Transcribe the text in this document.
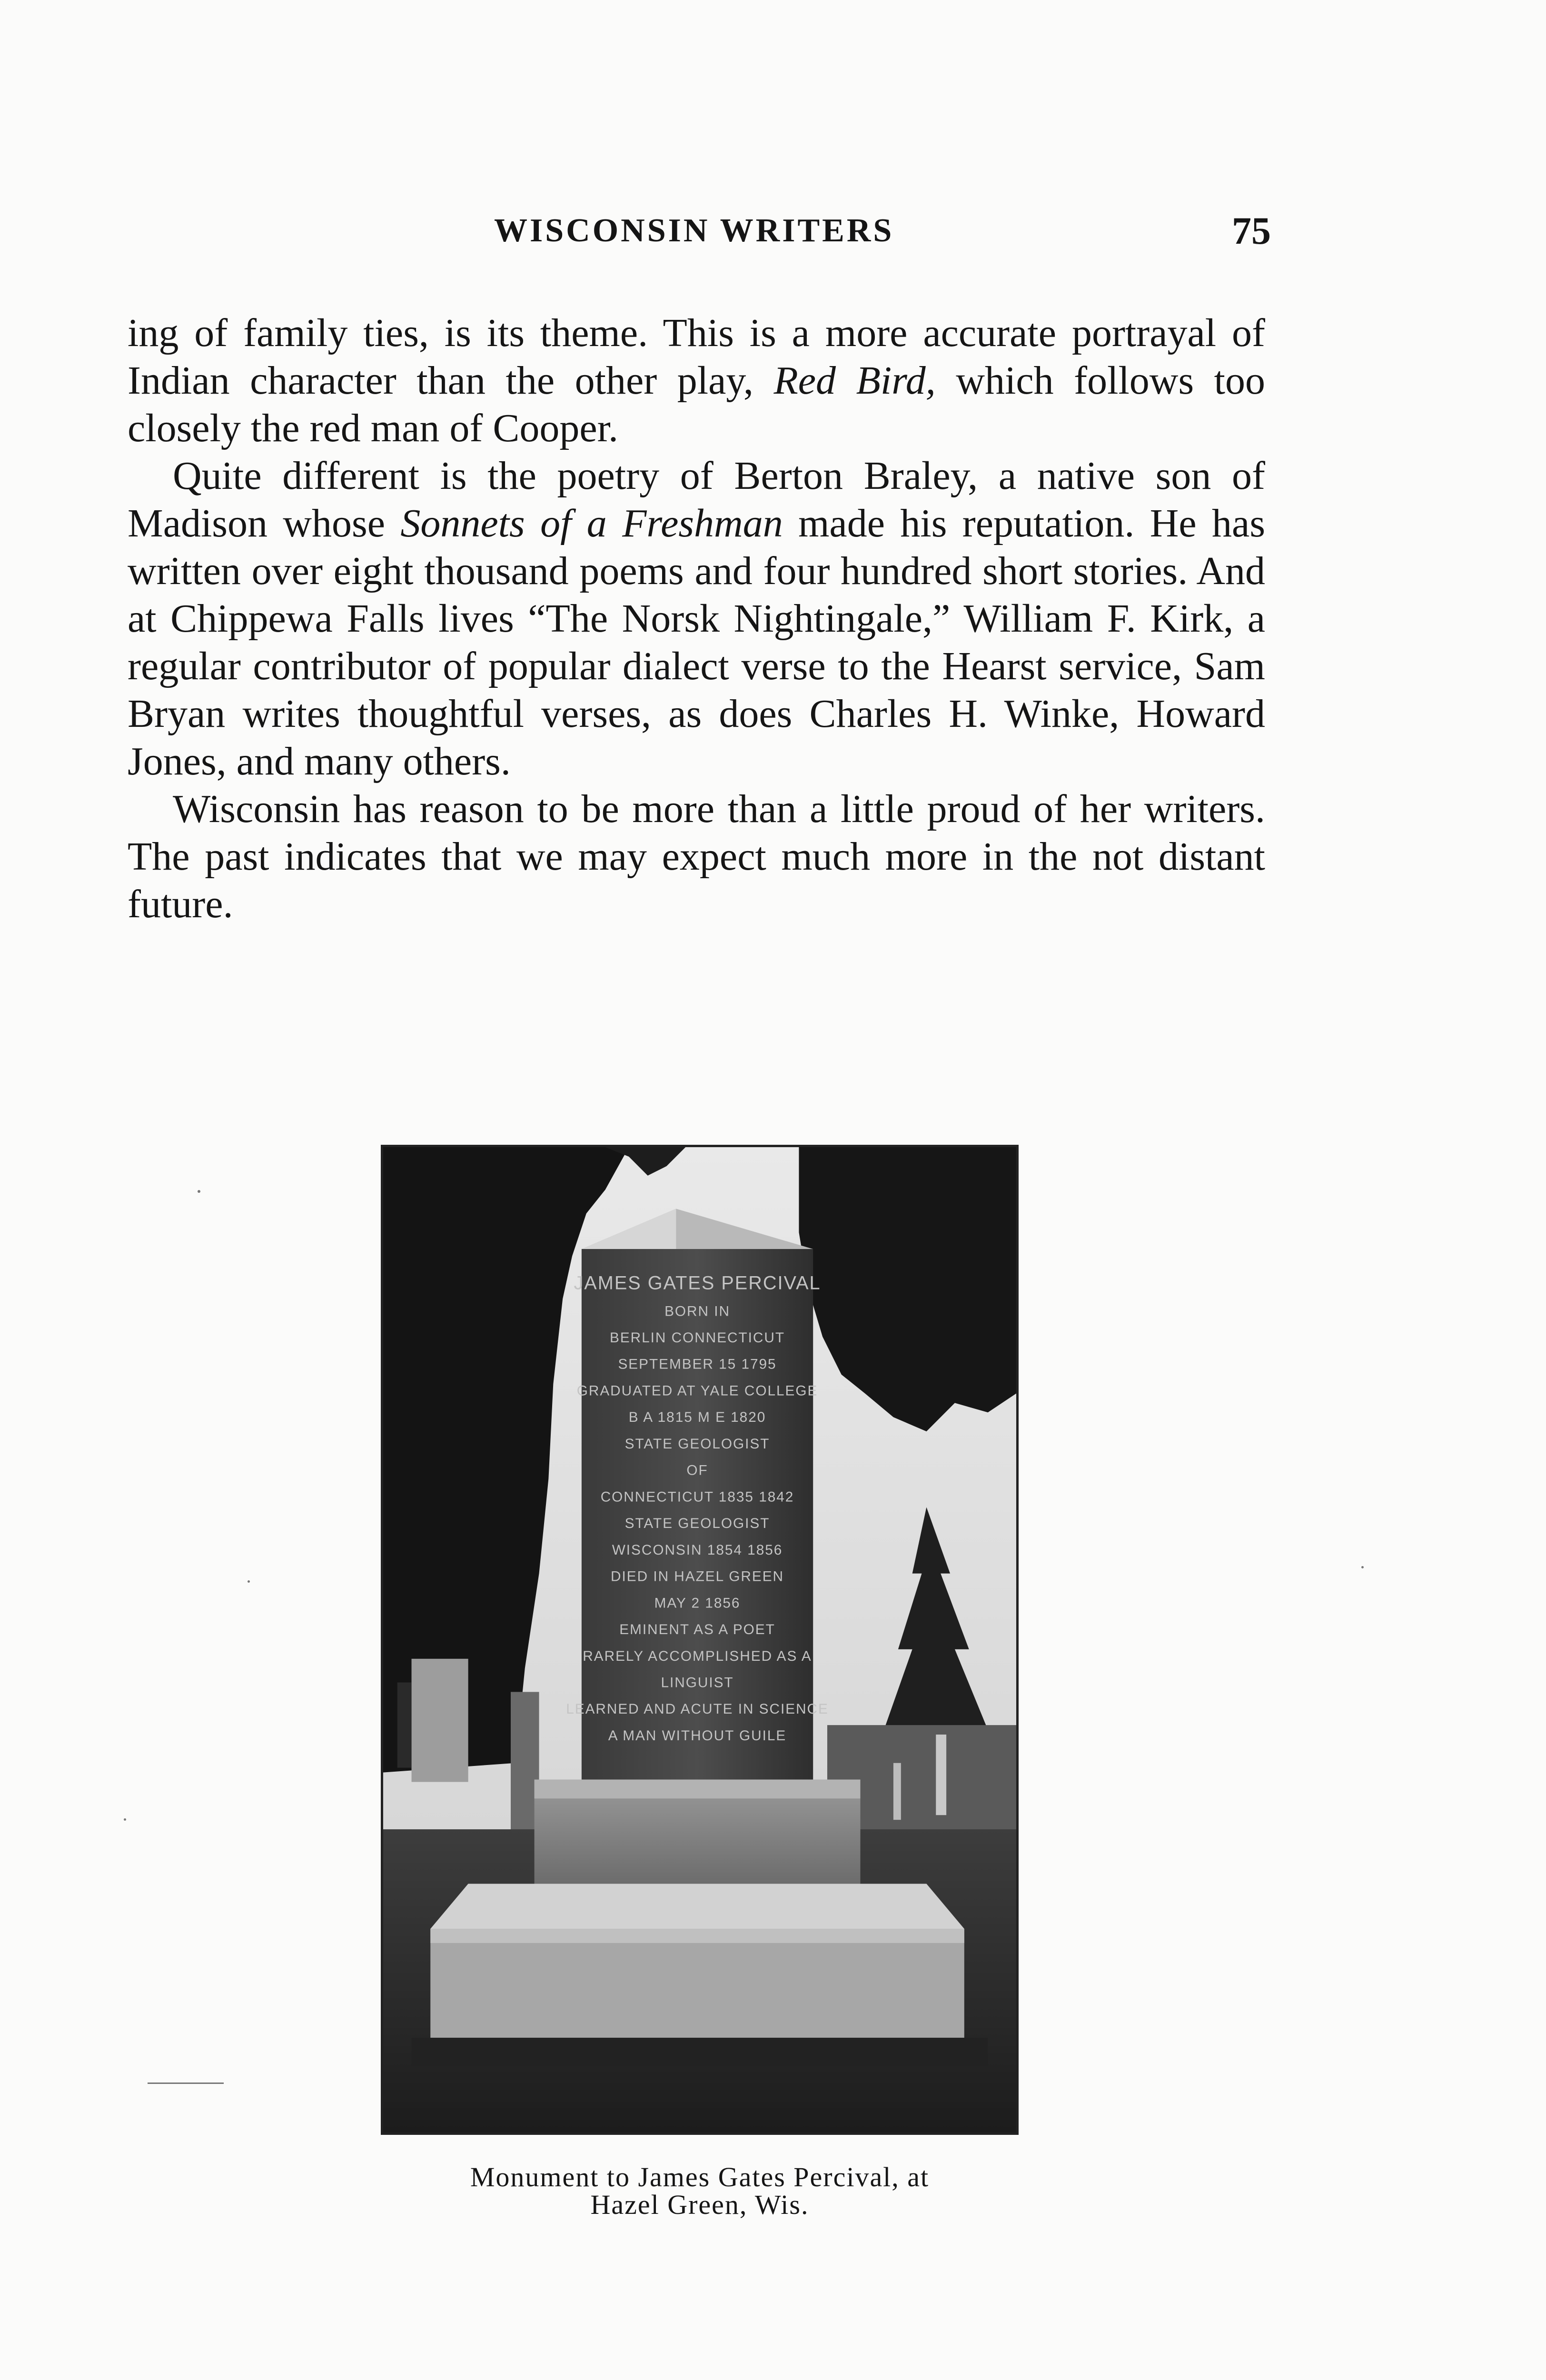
WISCONSIN WRITERS	75

ing of family ties, is its theme. This is a more accurate portrayal of Indian character than the other play, Red Bird, which follows too closely the red man of Cooper.

Quite different is the poetry of Berton Braley, a native son of Madison whose Sonnets of a Freshman made his reputation. He has written over eight thousand poems and four hundred short stories. And at Chippewa Falls lives “The Norsk Nightingale,” William F. Kirk, a regular contributor of popular dialect verse to the Hearst service, Sam Bryan writes thoughtful verses, as does Charles H. Winke, Howard Jones, and many others.

Wisconsin has reason to be more than a little proud of her writers. The past indicates that we may expect much more in the not distant future.

JAMES GATES PERCIVAL
BORN IN
BERLIN CONNECTICUT
SEPTEMBER 15 1795
GRADUATED AT YALE COLLEGE
B A 1815 M E 1820
STATE GEOLOGIST
OF
CONNECTICUT 1835 1842
STATE GEOLOGIST
WISCONSIN 1854 1856
DIED IN HAZEL GREEN
MAY 2 1856
EMINENT AS A POET
RARELY ACCOMPLISHED AS A
LINGUIST
LEARNED AND ACUTE IN SCIENCE
A MAN WITHOUT GUILE
Monument to James Gates Percival, at
Hazel Green, Wis.
